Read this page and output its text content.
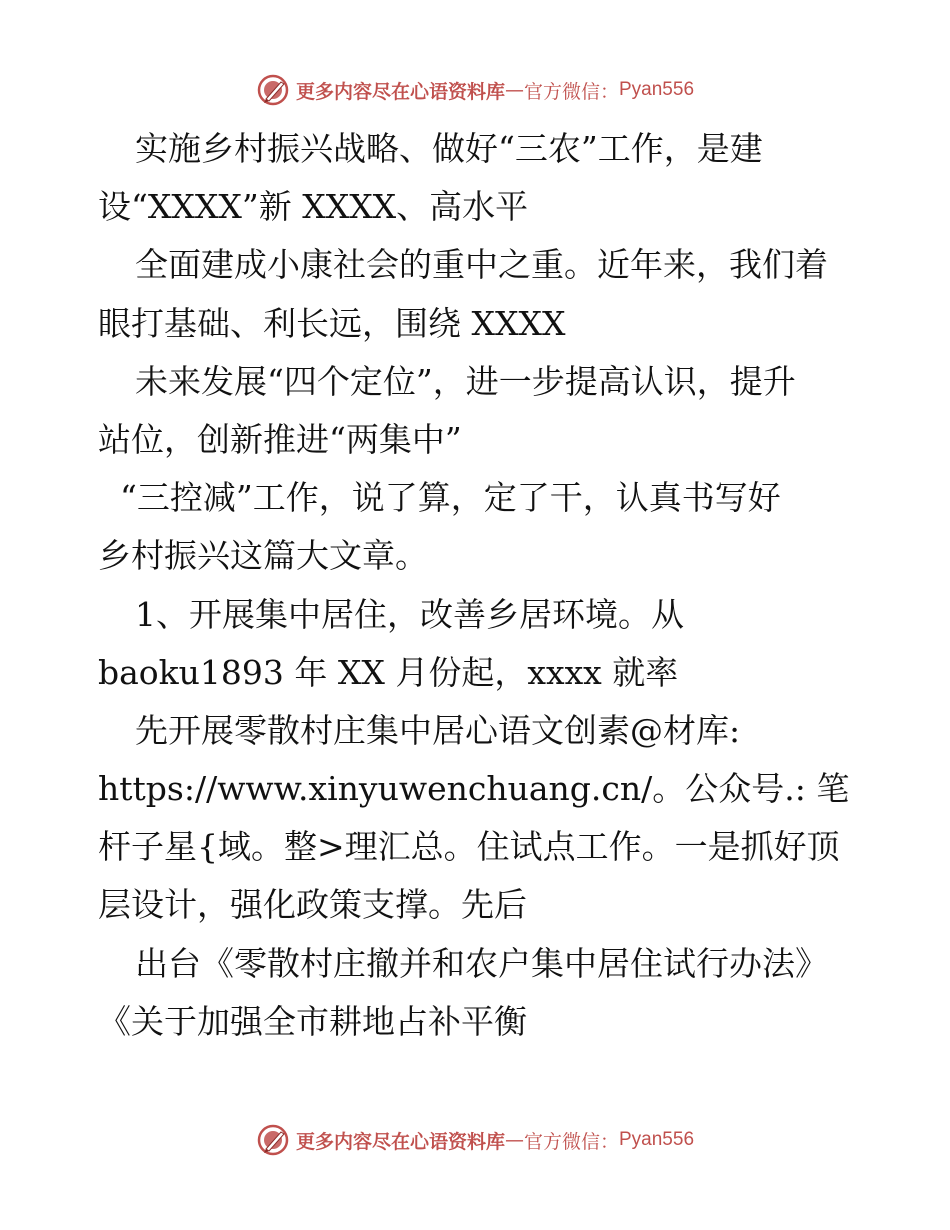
更多内容尽在心语资料库 — 官方微信： Pyan556
实施乡村振兴战略、做好“三农”工作，是建
设“XXXX”新 XXXX、高水平
全面建成小康社会的重中之重。近年来，我们着
眼打基础、利长远，围绕 XXXX
未来发展“四个定位”，进一步提高认识，提升
站位，创新推进“两集中”
“三控减”工作，说了算，定了干，认真书写好
乡村振兴这篇大文章。
1、开展集中居住，改善乡居环境。从
baoku1893 年 XX 月份起，xxxx 就率
先开展零散村庄集中居心语文创素@材库:
https://www.xinyuwenchuang.cn/。公众号.: 笔
杆子星{域。整>理汇总。住试点工作。一是抓好顶
层设计，强化政策支撑。先后
出台《零散村庄撤并和农户集中居住试行办法》
《关于加强全市耕地占补平衡
更多内容尽在心语资料库 — 官方微信： Pyan556
